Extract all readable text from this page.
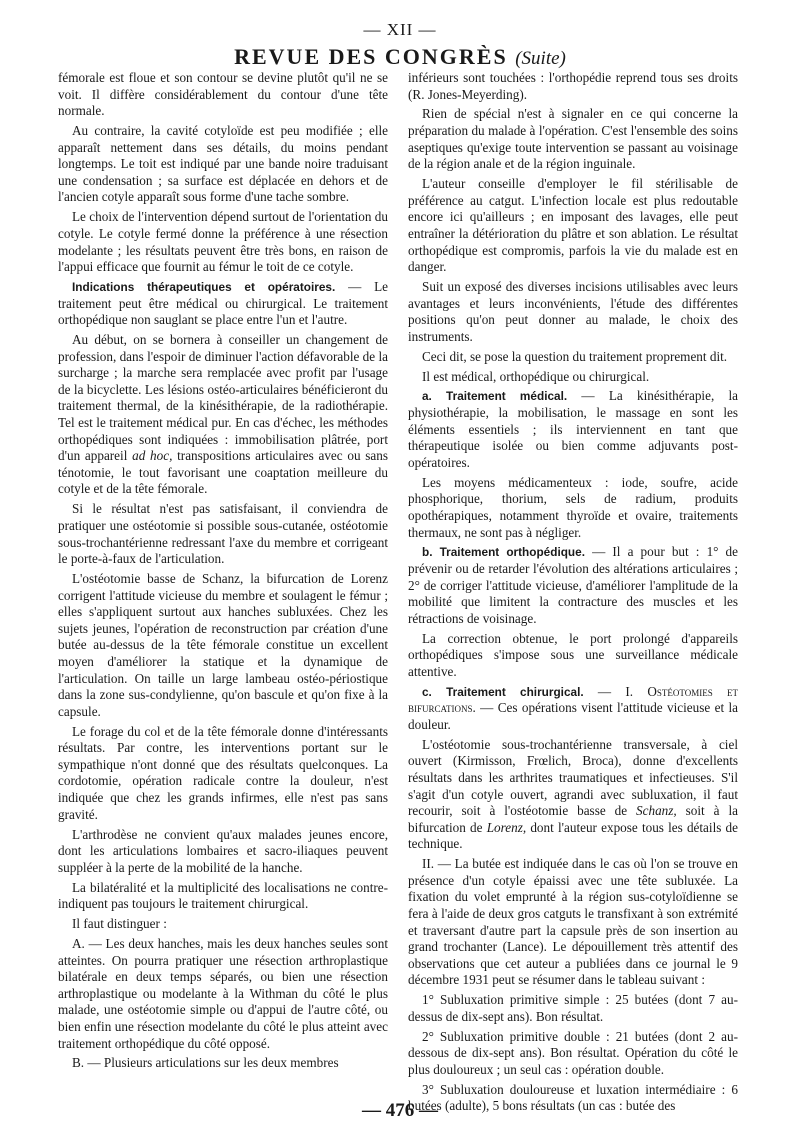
— XII —
REVUE DES CONGRÈS (Suite)

fémorale est floue et son contour se devine plutôt qu'il ne se voit. Il diffère considérablement du contour d'une tête normale.

Au contraire, la cavité cotyloïde est peu modifiée ; elle apparaît nettement dans ses détails, du moins pendant longtemps. Le toit est indiqué par une bande noire traduisant une condensation ; sa surface est déplacée en dehors et de l'ancien cotyle apparaît sous forme d'une tache sombre.

Le choix de l'intervention dépend surtout de l'orientation du cotyle. Le cotyle fermé donne la préférence à une résection modelante ; les résultats peuvent être très bons, en raison de l'appui efficace que fournit au fémur le toit de ce cotyle.

Indications thérapeutiques et opératoires. — Le traitement peut être médical ou chirurgical. Le traitement orthopédique non sauglant se place entre l'un et l'autre.

Au début, on se bornera à conseiller un changement de profession, dans l'espoir de diminuer l'action défavorable de la surcharge ; la marche sera remplacée avec profit par l'usage de la bicyclette. Les lésions ostéo-articulaires bénéficieront du traitement thermal, de la kinésithérapie, de la radiothérapie. Tel est le traitement médical pur. En cas d'échec, les méthodes orthopédiques sont indiquées : immobilisation plâtrée, port d'un appareil ad hoc, transpositions articulaires avec ou sans ténotomie, le tout favorisant une coaptation meilleure du cotyle et de la tête fémorale.

Si le résultat n'est pas satisfaisant, il conviendra de pratiquer une ostéotomie si possible sous-cutanée, ostéotomie sous-trochantérienne redressant l'axe du membre et corrigeant le porte-à-faux de l'articulation.

L'ostéotomie basse de Schanz, la bifurcation de Lorenz corrigent l'attitude vicieuse du membre et soulagent le fémur ; elles s'appliquent surtout aux hanches subluxées. Chez les sujets jeunes, l'opération de reconstruction par création d'une butée au-dessus de la tête fémorale constitue un excellent moyen d'améliorer la statique et la dynamique de l'articulation. On taille un large lambeau ostéo-périostique dans la zone sus-condylienne, qu'on bascule et qu'on fixe à la capsule.

Le forage du col et de la tête fémorale donne d'intéressants résultats. Par contre, les interventions portant sur le sympathique n'ont donné que des résultats quelconques. La cordotomie, opération radicale contre la douleur, n'est indiquée que chez les grands infirmes, elle n'est pas sans gravité.

L'arthrodèse ne convient qu'aux malades jeunes encore, dont les articulations lombaires et sacro-iliaques peuvent suppléer à la perte de la mobilité de la hanche.

La bilatéralité et la multiplicité des localisations ne contre-indiquent pas toujours le traitement chirurgical.

Il faut distinguer :

A. — Les deux hanches, mais les deux hanches seules sont atteintes. On pourra pratiquer une résection arthroplastique bilatérale en deux temps séparés, ou bien une résection arthroplastique ou modelante à la Withman du côté le plus malade, une ostéotomie simple ou d'appui de l'autre côté, ou bien enfin une résection modelante du côté le plus atteint avec traitement orthopédique du côté opposé.

B. — Plusieurs articulations sur les deux membres

inférieurs sont touchées : l'orthopédie reprend tous ses droits (R. Jones-Meyerding).

Rien de spécial n'est à signaler en ce qui concerne la préparation du malade à l'opération. C'est l'ensemble des soins aseptiques qu'exige toute intervention se passant au voisinage de la région anale et de la région inguinale.

L'auteur conseille d'employer le fil stérilisable de préférence au catgut. L'infection locale est plus redoutable encore ici qu'ailleurs ; en imposant des lavages, elle peut entraîner la détérioration du plâtre et son ablation. Le résultat orthopédique est compromis, parfois la vie du malade est en danger.

Suit un exposé des diverses incisions utilisables avec leurs avantages et leurs inconvénients, l'étude des différentes positions qu'on peut donner au malade, le choix des instruments.

Ceci dit, se pose la question du traitement proprement dit.

Il est médical, orthopédique ou chirurgical.

a. Traitement médical. — La kinésithérapie, la physiothérapie, la mobilisation, le massage en sont les éléments essentiels ; ils interviennent en tant que thérapeutique isolée ou bien comme adjuvants post-opératoires.

Les moyens médicamenteux : iode, soufre, acide phosphorique, thorium, sels de radium, produits opothérapiques, notamment thyroïde et ovaire, traitements thermaux, ne sont pas à négliger.

b. Traitement orthopédique. — Il a pour but : 1° de prévenir ou de retarder l'évolution des altérations articulaires ; 2° de corriger l'attitude vicieuse, d'améliorer l'amplitude de la mobilité que limitent la contracture des muscles et les rétractions de voisinage.

La correction obtenue, le port prolongé d'appareils orthopédiques s'impose sous une surveillance médicale attentive.

c. Traitement chirurgical. — I. Ostéotomies et bifurcations. — Ces opérations visent l'attitude vicieuse et la douleur.

L'ostéotomie sous-trochantérienne transversale, à ciel ouvert (Kirmisson, Frœlich, Broca), donne d'excellents résultats dans les arthrites traumatiques et infectieuses. S'il s'agit d'un cotyle ouvert, agrandi avec subluxation, il faut recourir, soit à l'ostéotomie basse de Schanz, soit à la bifurcation de Lorenz, dont l'auteur expose tous les détails de technique.

II. — La butée est indiquée dans le cas où l'on se trouve en présence d'un cotyle épaissi avec une tête subluxée. La fixation du volet emprunté à la région sus-cotyloïdienne se fera à l'aide de deux gros catguts le transfixant à son extrémité et traversant d'autre part la capsule près de son insertion au grand trochanter (Lance). Le dépouillement très attentif des observations que cet auteur a publiées dans ce journal le 9 décembre 1931 peut se résumer dans le tableau suivant :

1° Subluxation primitive simple : 25 butées (dont 7 au-dessus de dix-sept ans). Bon résultat.

2° Subluxation primitive double : 21 butées (dont 2 au-dessous de dix-sept ans). Bon résultat. Opération du côté le plus douloureux ; un seul cas : opération double.

3° Subluxation douloureuse et luxation intermédiaire : 6 butées (adulte), 5 bons résultats (un cas : butée des

— 476 —
